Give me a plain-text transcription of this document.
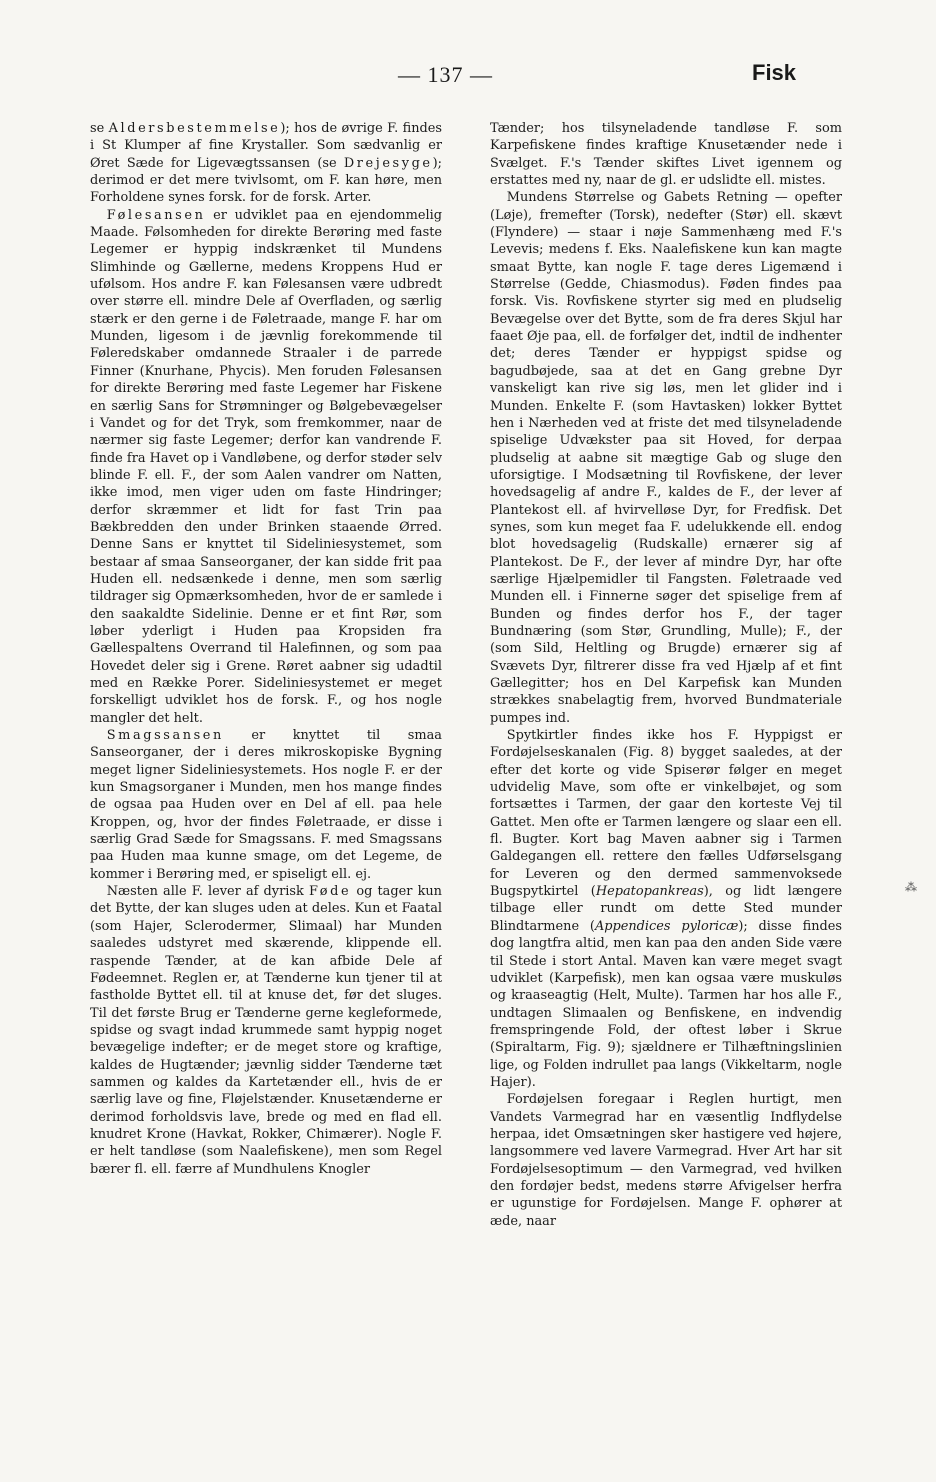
— 137 —	Fisk

se Aldersbestemmelse); hos de øvrige F. findes i St Klumper af fine Krystaller. Som sædvanlig er Øret Sæde for Ligevægtssansen (se Drejesyge); derimod er det mere tvivlsomt, om F. kan høre, men Forholdene synes forsk. for de forsk. Arter.

Følesansen er udviklet paa en ejendommelig Maade. Følsomheden for direkte Berøring med faste Legemer er hyppig indskrænket til Mundens Slimhinde og Gællerne, medens Kroppens Hud er ufølsom. Hos andre F. kan Følesansen være udbredt over større ell. mindre Dele af Overfladen, og særlig stærk er den gerne i de Føletraade, mange F. har om Munden, ligesom i de jævnlig forekommende til Føleredskaber omdannede Straaler i de parrede Finner (Knurhane, Phycis). Men foruden Følesansen for direkte Berøring med faste Legemer har Fiskene en særlig Sans for Strømninger og Bølgebevægelser i Vandet og for det Tryk, som fremkommer, naar de nærmer sig faste Legemer; derfor kan vandrende F. finde fra Havet op i Vandløbene, og derfor støder selv blinde F. ell. F., der som Aalen vandrer om Natten, ikke imod, men viger uden om faste Hindringer; derfor skræmmer et lidt for fast Trin paa Bækbredden den under Brinken staaende Ørred. Denne Sans er knyttet til Sideliniesystemet, som bestaar af smaa Sanseorganer, der kan sidde frit paa Huden ell. nedsænkede i denne, men som særlig tildrager sig Opmærksomheden, hvor de er samlede i den saakaldte Sidelinie. Denne er et fint Rør, som løber yderligt i Huden paa Kropsiden fra Gællespaltens Overrand til Halefinnen, og som paa Hovedet deler sig i Grene. Røret aabner sig udadtil med en Række Porer. Sideliniesystemet er meget forskelligt udviklet hos de forsk. F., og hos nogle mangler det helt.

Smagssansen er knyttet til smaa Sanseorganer, der i deres mikroskopiske Bygning meget ligner Sideliniesystemets. Hos nogle F. er der kun Smagsorganer i Munden, men hos mange findes de ogsaa paa Huden over en Del af ell. paa hele Kroppen, og, hvor der findes Føletraade, er disse i særlig Grad Sæde for Smagssans. F. med Smagssans paa Huden maa kunne smage, om det Legeme, de kommer i Berøring med, er spiseligt ell. ej.

Næsten alle F. lever af dyrisk Føde og tager kun det Bytte, der kan sluges uden at deles. Kun et Faatal (som Hajer, Sclerodermer, Slimaal) har Munden saaledes udstyret med skærende, klippende ell. raspende Tænder, at de kan afbide Dele af Fødeemnet. Reglen er, at Tænderne kun tjener til at fastholde Byttet ell. til at knuse det, før det sluges. Til det første Brug er Tænderne gerne kegleformede, spidse og svagt indad krummede samt hyppig noget bevægelige indefter; er de meget store og kraftige, kaldes de Hugtænder; jævnlig sidder Tænderne tæt sammen og kaldes da Kartetænder ell., hvis de er særlig lave og fine, Fløjelstænder. Knusetænderne er derimod forholdsvis lave, brede og med en flad ell. knudret Krone (Havkat, Rokker, Chimærer). Nogle F. er helt tandløse (som Naalefiskene), men som Regel bærer fl. ell. færre af Mundhulens Knogler

Tænder; hos tilsyneladende tandløse F. som Karpefiskene findes kraftige Knusetænder nede i Svælget. F.'s Tænder skiftes Livet igennem og erstattes med ny, naar de gl. er udslidte ell. mistes.

Mundens Størrelse og Gabets Retning — opefter (Løje), fremefter (Torsk), nedefter (Stør) ell. skævt (Flyndere) — staar i nøje Sammenhæng med F.'s Levevis; medens f. Eks. Naalefiskene kun kan magte smaat Bytte, kan nogle F. tage deres Ligemænd i Størrelse (Gedde, Chiasmodus). Føden findes paa forsk. Vis. Rovfiskene styrter sig med en pludselig Bevægelse over det Bytte, som de fra deres Skjul har faaet Øje paa, ell. de forfølger det, indtil de indhenter det; deres Tænder er hyppigst spidse og bagudbøjede, saa at det en Gang grebne Dyr vanskeligt kan rive sig løs, men let glider ind i Munden. Enkelte F. (som Havtasken) lokker Byttet hen i Nærheden ved at friste det med tilsyneladende spiselige Udvækster paa sit Hoved, for derpaa pludselig at aabne sit mægtige Gab og sluge den uforsigtige. I Modsætning til Rovfiskene, der lever hovedsagelig af andre F., kaldes de F., der lever af Plantekost ell. af hvirvelløse Dyr, for Fredfisk. Det synes, som kun meget faa F. udelukkende ell. endog blot hovedsagelig (Rudskalle) ernærer sig af Plantekost. De F., der lever af mindre Dyr, har ofte særlige Hjælpemidler til Fangsten. Føletraade ved Munden ell. i Finnerne søger det spiselige frem af Bunden og findes derfor hos F., der tager Bundnæring (som Stør, Grundling, Mulle); F., der (som Sild, Heltling og Brugde) ernærer sig af Svævets Dyr, filtrerer disse fra ved Hjælp af et fint Gællegitter; hos en Del Karpefisk kan Munden strækkes snabelagtig frem, hvorved Bundmateriale pumpes ind.

Spytkirtler findes ikke hos F. Hyppigst er Fordøjelseskanalen (Fig. 8) bygget saaledes, at der efter det korte og vide Spiserør følger en meget udvidelig Mave, som ofte er vinkelbøjet, og som fortsættes i Tarmen, der gaar den korteste Vej til Gattet. Men ofte er Tarmen længere og slaar een ell. fl. Bugter. Kort bag Maven aabner sig i Tarmen Galdegangen ell. rettere den fælles Udførselsgang for Leveren og den dermed sammenvoksede Bugspytkirtel (Hepatopankreas), og lidt længere tilbage eller rundt om dette Sted munder Blindtarmene (Appendices pyloricæ); disse findes dog langtfra altid, men kan paa den anden Side være til Stede i stort Antal. Maven kan være meget svagt udviklet (Karpefisk), men kan ogsaa være muskuløs og kraaseagtig (Helt, Multe). Tarmen har hos alle F., undtagen Slimaalen og Benfiskene, en indvendig fremspringende Fold, der oftest løber i Skrue (Spiraltarm, Fig. 9); sjældnere er Tilhæftningslinien lige, og Folden indrullet paa langs (Vikkeltarm, nogle Hajer).

Fordøjelsen foregaar i Reglen hurtigt, men Vandets Varmegrad har en væsentlig Indflydelse herpaa, idet Omsætningen sker hastigere ved højere, langsommere ved lavere Varmegrad. Hver Art har sit Fordøjelsesoptimum — den Varmegrad, ved hvilken den fordøjer bedst, medens større Afvigelser herfra er ugunstige for Fordøjelsen. Mange F. ophører at æde, naar

⁂
